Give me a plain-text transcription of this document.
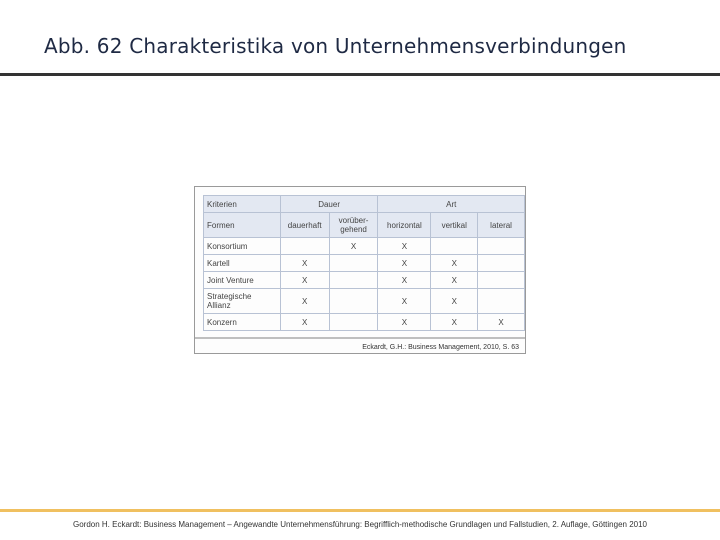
Abb. 62 Charakteristika von Unternehmensverbindungen
Kriterien	Dauer		Art		
Formen	dauerhaft	vorüber-gehend	horizontal	vertikal	lateral
Konsortium		X	X		
Kartell	X		X	X	
Joint Venture	X		X	X	
Strategische Allianz	X		X	X	
Konzern	X		X	X	X
Eckardt, G.H.: Business Management, 2010, S. 63
Gordon H. Eckardt: Business Management – Angewandte Unternehmensführung: Begrifflich-methodische Grundlagen und Fallstudien, 2. Auflage, Göttingen 2010
